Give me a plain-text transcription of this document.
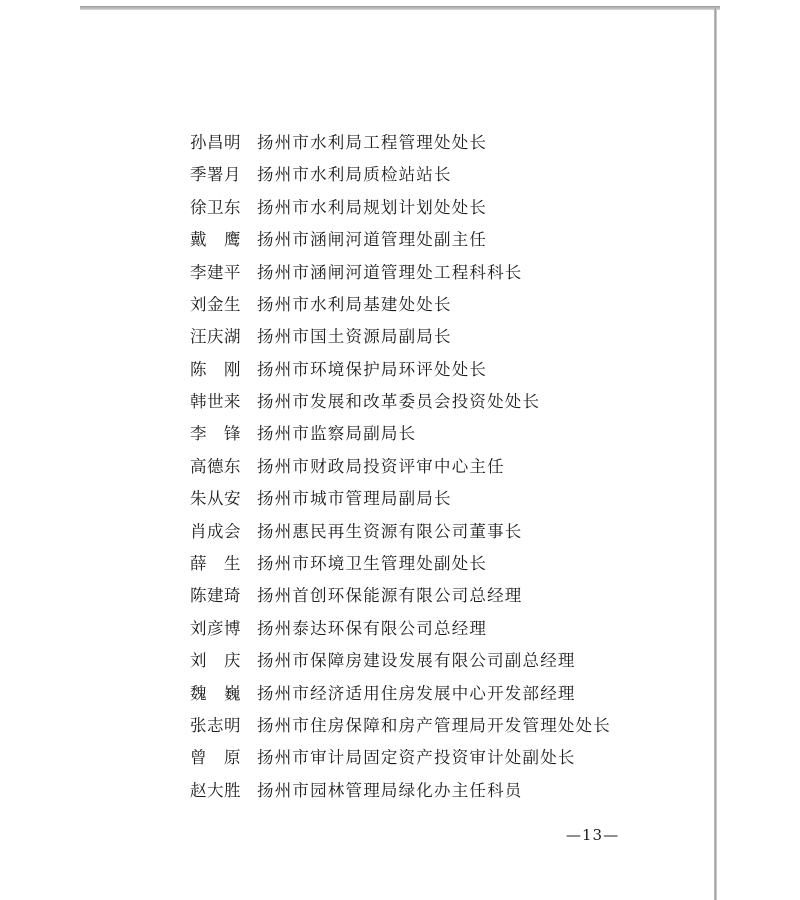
孙昌明 扬州市水利局工程管理处处长
季署月 扬州市水利局质检站站长
徐卫东 扬州市水利局规划计划处处长
戴　鹰 扬州市涵闸河道管理处副主任
李建平 扬州市涵闸河道管理处工程科科长
刘金生 扬州市水利局基建处处长
汪庆湖 扬州市国土资源局副局长
陈　刚 扬州市环境保护局环评处处长
韩世来 扬州市发展和改革委员会投资处处长
李　锋 扬州市监察局副局长
高德东 扬州市财政局投资评审中心主任
朱从安 扬州市城市管理局副局长
肖成会 扬州惠民再生资源有限公司董事长
薛　生 扬州市环境卫生管理处副处长
陈建琦 扬州首创环保能源有限公司总经理
刘彦博 扬州泰达环保有限公司总经理
刘　庆 扬州市保障房建设发展有限公司副总经理
魏　巍 扬州市经济适用住房发展中心开发部经理
张志明 扬州市住房保障和房产管理局开发管理处处长
曾　原 扬州市审计局固定资产投资审计处副处长
赵大胜 扬州市园林管理局绿化办主任科员
—13—
